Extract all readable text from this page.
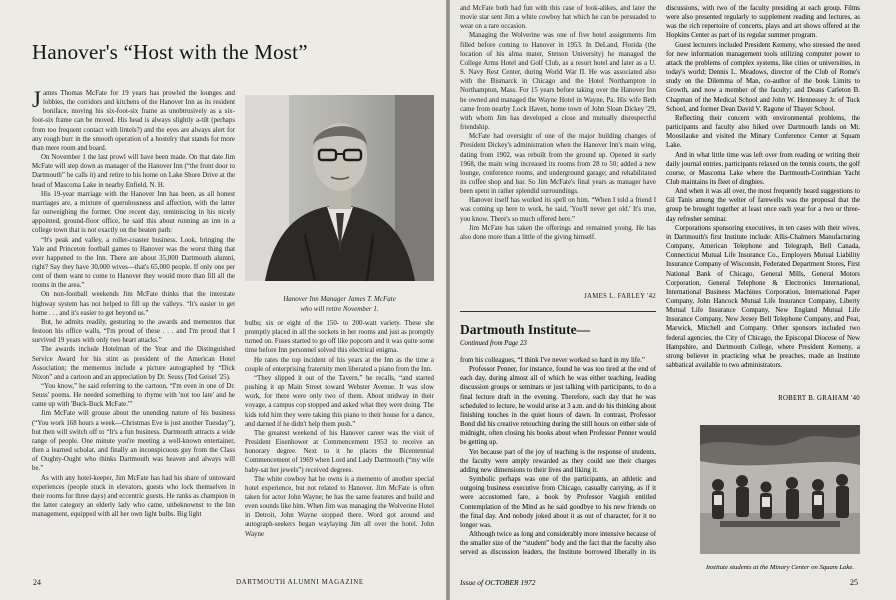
Hanover's “Host with the Most”

James Thomas McFate for 19 years has prowled the lounges and lobbies, the corridors and kitchens of the Hanover Inn as its resident boniface, moving his six-foot-six frame as unobtrusively as a six-foot-six frame can be moved. His head is always slightly a-tilt (perhaps from too frequent contact with lintels?) and the eyes are always alert for any rough burr in the smooth operation of a hostelry that stands for more than mere room and board.

On November 1 the last prowl will have been made. On that date Jim McFate will step down as manager of the Hanover Inn (“the front door to Dartmouth” he calls it) and retire to his home on Lake Shore Drive at the head of Mascoma Lake in nearby Enfield, N. H.

His 19-year marriage with the Hanover Inn has been, as all honest marriages are, a mixture of querulousness and affection, with the latter far outweighing the former. One recent day, reminiscing in his nicely appointed, ground-floor office, he said this about running an inn in a college town that is not exactly on the beaten path:

“It's peak and valley, a roller-coaster business. Look, bringing the Yale and Princeton football games to Hanover was the worst thing that ever happened to the Inn. There are about 35,000 Dartmouth alumni, right? Say they have 30,000 wives—that's 65,000 people. If only one per cent of them want to come to Hanover they would more than fill all the rooms in the area.”

On non-football weekends Jim McFate thinks that the interstate highway system has not helped to fill up the valleys. “It's easier to get home . . . and it's easier to get beyond us.”

But, he admits readily, gesturing to the awards and mementos that festoon his office walls, “I'm proud of these . . . and I'm proud that I survived 19 years with only two heart attacks.”

The awards include Hotelman of the Year and the Distinguished Service Award for his stint as president of the American Hotel Association; the mementos include a picture autographed by “Dick Nixon” and a cartoon and an appreciation by Dr. Seuss (Ted Geisel '25).

“You know,” he said referring to the cartoon, “I'm even in one of Dr. Seuss' poems. He needed something to rhyme with 'not too late' and he came up with 'Buck-Buck McFate.'”

Jim McFate will grouse about the unending nature of his business (“You work 168 hours a week—Christmas Eve is just another Tuesday”), but then will switch off to “It's a fun business. Dartmouth attracts a wide range of people. One minute you're meeting a well-known entertainer, then a learned scholar, and finally an inconspicuous guy from the Class of Oughty-Ought who thinks Dartmouth was heaven and always will be.”

As with any hotel-keeper, Jim McFate has had his share of untoward experiences (people stuck in elevators, guests who lock themselves in their rooms for three days) and eccentric guests. He ranks as champion in the latter category an elderly lady who came, unbeknownst to the Inn management, equipped with all her own light bulbs. Big light

Hanover Inn Manager James T. McFate
who will retire November 1.

bulbs; six or eight of the 150- to 200-watt variety. These she promptly placed in all the sockets in her rooms and just as promptly turned on. Fuses started to go off like popcorn and it was quite some time before Inn personnel solved this electrical enigma.

He rates the top incident of his years at the Inn as the time a couple of enterprising fraternity men liberated a piano from the Inn.

“They slipped it out of the Tavern,” he recalls, “and started pushing it up Main Street toward Webster Avenue. It was slow work, for there were only two of them. About midway in their voyage, a campus cop stopped and asked what they were doing. The kids told him they were taking this piano to their house for a dance, and darned if he didn't help them push.”

The greatest weekend of his Hanover career was the visit of President Eisenhower at Commencement 1953 to receive an honorary degree. Next to it he places the Bicentennial Commencement of 1969 when Lord and Lady Dartmouth (“my wife baby-sat her jewels”) received degrees.

The white cowboy hat he owns is a memento of another special hotel experience, but not related to Hanover. Jim McFate is often taken for actor John Wayne; he has the same features and build and even sounds like him. When Jim was managing the Wolverine Hotel in Detroit, John Wayne stopped there. Word got around and autograph-seekers began waylaying Jim all over the hotel. John Wayne

24	DARTMOUTH ALUMNI MAGAZINE

and McFate both had fun with this case of look-alikes, and later the movie star sent Jim a white cowboy hat which he can be persuaded to wear on a rare occasion.

Managing the Wolverine was one of five hotel assignments Jim filled before coming to Hanover in 1953. In DeLand, Florida (the location of his alma mater, Stetson University) he managed the College Arms Hotel and Golf Club, as a resort hotel and later as a U. S. Navy Rest Center, during World War II. He was associated also with the Bismarck in Chicago and the Hotel Northampton in Northampton, Mass. For 15 years before taking over the Hanover Inn he owned and managed the Wayne Hotel in Wayne, Pa. His wife Beth came from nearby Lock Haven, home town of John Sloan Dickey '29, with whom Jim has developed a close and mutually disrespectful friendship.

McFate had oversight of one of the major building changes of President Dickey's administration when the Hanover Inn's main wing, dating from 1902, was rebuilt from the ground up. Opened in early 1968, the main wing increased its rooms from 28 to 50; added a new lounge, conference rooms, and underground garage; and rehabilitated its coffee shop and bar. So Jim McFate's final years as manager have been spent in rather splendid surroundings.

Hanover itself has worked its spell on him. “When I told a friend I was coming up here to work, he said, 'You'll never get old.' It's true, you know. There's so much offered here.”

Jim McFate has taken the offerings and remained young. He has also done more than a little of the giving himself.

JAMES L. FARLEY '42
Dartmouth Institute—
Continued from Page 23

from his colleagues, “I think I've never worked so hard in my life.”

Professor Penner, for instance, found he was too tired at the end of each day, during almost all of which he was either teaching, leading discussion groups or seminars or just talking with participants, to do a final lecture draft in the evening. Therefore, each day that he was scheduled to lecture, he would arise at 3 a.m. and do his thinking about finishing touches in the quiet hours of dawn. In contrast, Professor Bond did his creative retouching during the still hours on either side of midnight, often closing his books about when Professor Penner would be getting up.

Yet because part of the joy of teaching is the response of students, the faculty were amply rewarded as they could see their charges adding new dimensions to their lives and liking it.

Symbolic perhaps was one of the participants, an athletic and outgoing business executive from Chicago, casually carrying, as if it were accustomed fare, a book by Professor Vargish entitled Contemplation of the Mind as he said goodbye to his new friends on the final day. And nobody joked about it as out of character, for it no longer was.

Although twice as long and considerably more intensive because of the smaller size of the “student” body and the fact that the faculty also served as discussion leaders, the Institute borrowed liberally in its

discussions, with two of the faculty presiding at each group. Films were also presented regularly to supplement reading and lectures, as was the rich repertoire of concerts, plays and art shows offered at the Hopkins Center as part of its regular summer program.

Guest lecturers included President Kemeny, who stressed the need for new information management tools utilizing computer power to attack the problems of complex systems, like cities or universities, in today's world; Dennis L. Meadows, director of the Club of Rome's study on the Dilemma of Man, co-author of the book Limits to Growth, and now a member of the faculty; and Deans Carleton B. Chapman of the Medical School and John W. Hennessey Jr. of Tuck School, and former Dean David V. Ragone of Thayer School.

Reflecting their concern with environmental problems, the participants and faculty also hiked over Dartmouth lands on Mt. Moosilauke and visited the Minary Conference Center at Squam Lake.

And in what little time was left over from reading or writing their daily journal entries, participants relaxed on the tennis courts, the golf course, or Mascoma Lake where the Dartmouth-Corinthian Yacht Club maintains its fleet of dinghies.

And when it was all over, the most frequently heard suggestions to Gil Tanis among the welter of farewells was the proposal that the group be brought together at least once each year for a two or three-day refresher seminar.

Corporations sponsoring executives, in ten cases with their wives, in Dartmouth's first Institute include: Allis-Chalmers Manufacturing Company, American Telephone and Telegraph, Bell Canada, Connecticut Mutual Life Insurance Co., Employers Mutual Liability Insurance Company of Wisconsin, Federated Department Stores, First National Bank of Chicago, General Mills, General Motors Corporation, General Telephone & Electronics International, International Business Machines Corporation, International Paper Company, John Hancock Mutual Life Insurance Company, Liberty Mutual Life Insurance Company, New England Mutual Life Insurance Company, New Jersey Bell Telephone Company, and Peat, Marwick, Mitchell and Company. Other sponsors included two federal agencies, the City of Chicago, the Episcopal Diocese of New Hampshire, and Dartmouth College, where President Kemeny, a strong believer in practicing what he preaches, made an Institute sabbatical available to two administrators.

ROBERT B. GRAHAM '40
Institute students at the Minary Center on Squam Lake.
Issue of OCTOBER 1972	25
